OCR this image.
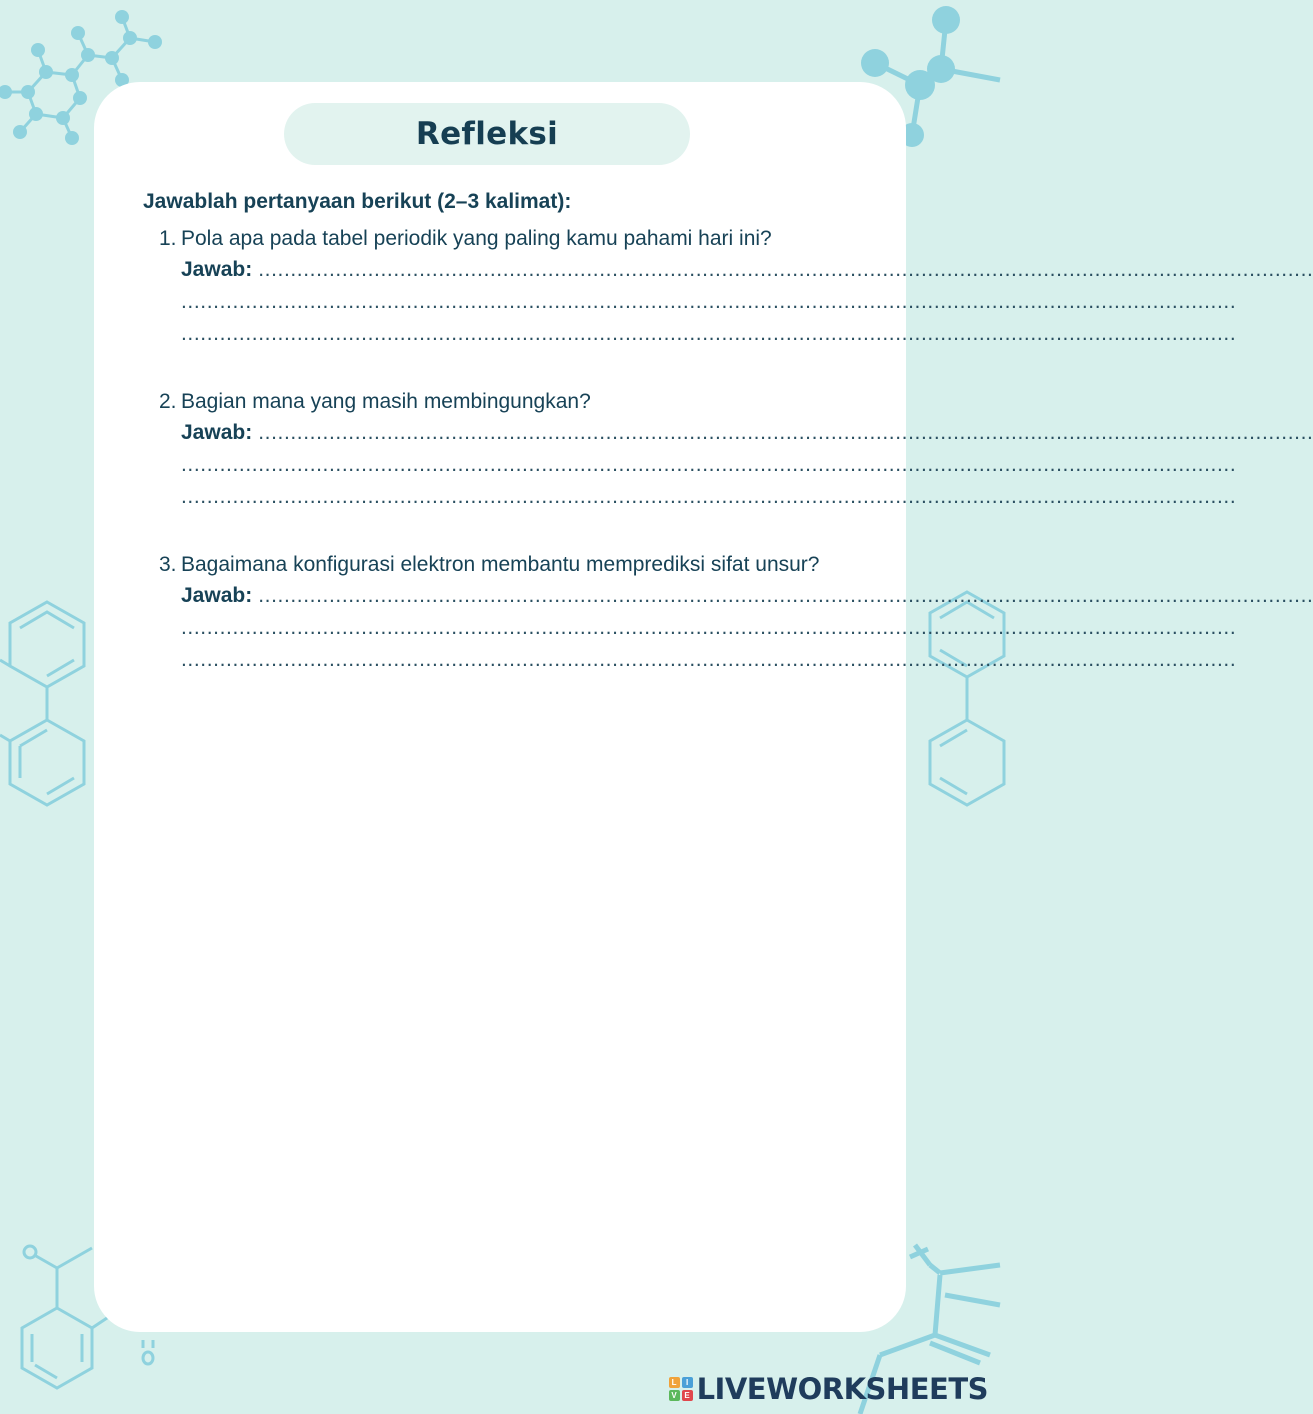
Refleksi
Jawablah pertanyaan berikut (2–3 kalimat):
1. Pola apa pada tabel periodik yang paling kamu pahami hari ini?
Jawab: ....................................................................................................................................................................
....................................................................................................................................................................
....................................................................................................................................................................
2. Bagian mana yang masih membingungkan?
Jawab: ....................................................................................................................................................................
....................................................................................................................................................................
....................................................................................................................................................................
3. Bagaimana konfigurasi elektron membantu memprediksi sifat unsur?
Jawab: ....................................................................................................................................................................
....................................................................................................................................................................
....................................................................................................................................................................
L	I
V E LIVEWORKSHEETS
